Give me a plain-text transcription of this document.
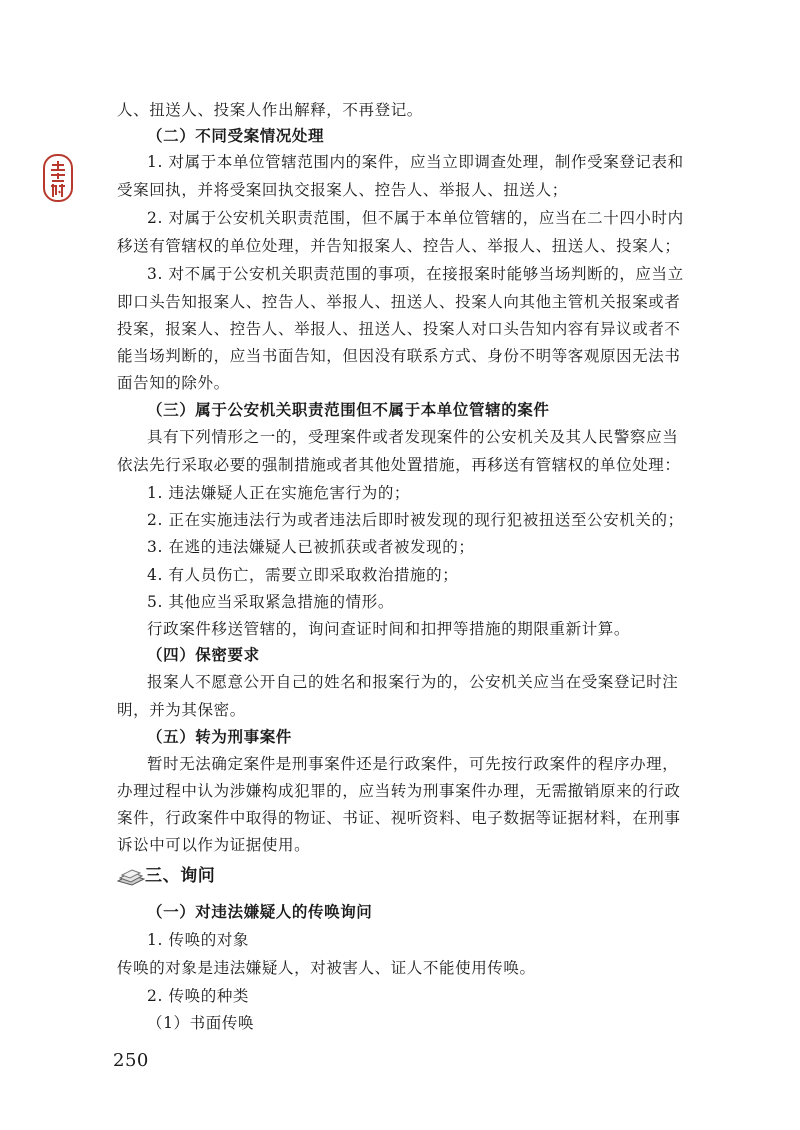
人、扭送人、投案人作出解释，不再登记。
（二）不同受案情况处理
1. 对属于本单位管辖范围内的案件，应当立即调查处理，制作受案登记表和
受案回执，并将受案回执交报案人、控告人、举报人、扭送人；
2. 对属于公安机关职责范围，但不属于本单位管辖的，应当在二十四小时内
移送有管辖权的单位处理，并告知报案人、控告人、举报人、扭送人、投案人；
3. 对不属于公安机关职责范围的事项，在接报案时能够当场判断的，应当立
即口头告知报案人、控告人、举报人、扭送人、投案人向其他主管机关报案或者
投案，报案人、控告人、举报人、扭送人、投案人对口头告知内容有异议或者不
能当场判断的，应当书面告知，但因没有联系方式、身份不明等客观原因无法书
面告知的除外。
（三）属于公安机关职责范围但不属于本单位管辖的案件
具有下列情形之一的，受理案件或者发现案件的公安机关及其人民警察应当
依法先行采取必要的强制措施或者其他处置措施，再移送有管辖权的单位处理：
1. 违法嫌疑人正在实施危害行为的；
2. 正在实施违法行为或者违法后即时被发现的现行犯被扭送至公安机关的；
3. 在逃的违法嫌疑人已被抓获或者被发现的；
4. 有人员伤亡，需要立即采取救治措施的；
5. 其他应当采取紧急措施的情形。
行政案件移送管辖的，询问查证时间和扣押等措施的期限重新计算。
（四）保密要求
报案人不愿意公开自己的姓名和报案行为的，公安机关应当在受案登记时注
明，并为其保密。
（五）转为刑事案件
暂时无法确定案件是刑事案件还是行政案件，可先按行政案件的程序办理，
办理过程中认为涉嫌构成犯罪的，应当转为刑事案件办理，无需撤销原来的行政
案件，行政案件中取得的物证、书证、视听资料、电子数据等证据材料，在刑事
诉讼中可以作为证据使用。
三、询问
（一）对违法嫌疑人的传唤询问
1. 传唤的对象
传唤的对象是违法嫌疑人，对被害人、证人不能使用传唤。
2. 传唤的种类
（1）书面传唤
250
